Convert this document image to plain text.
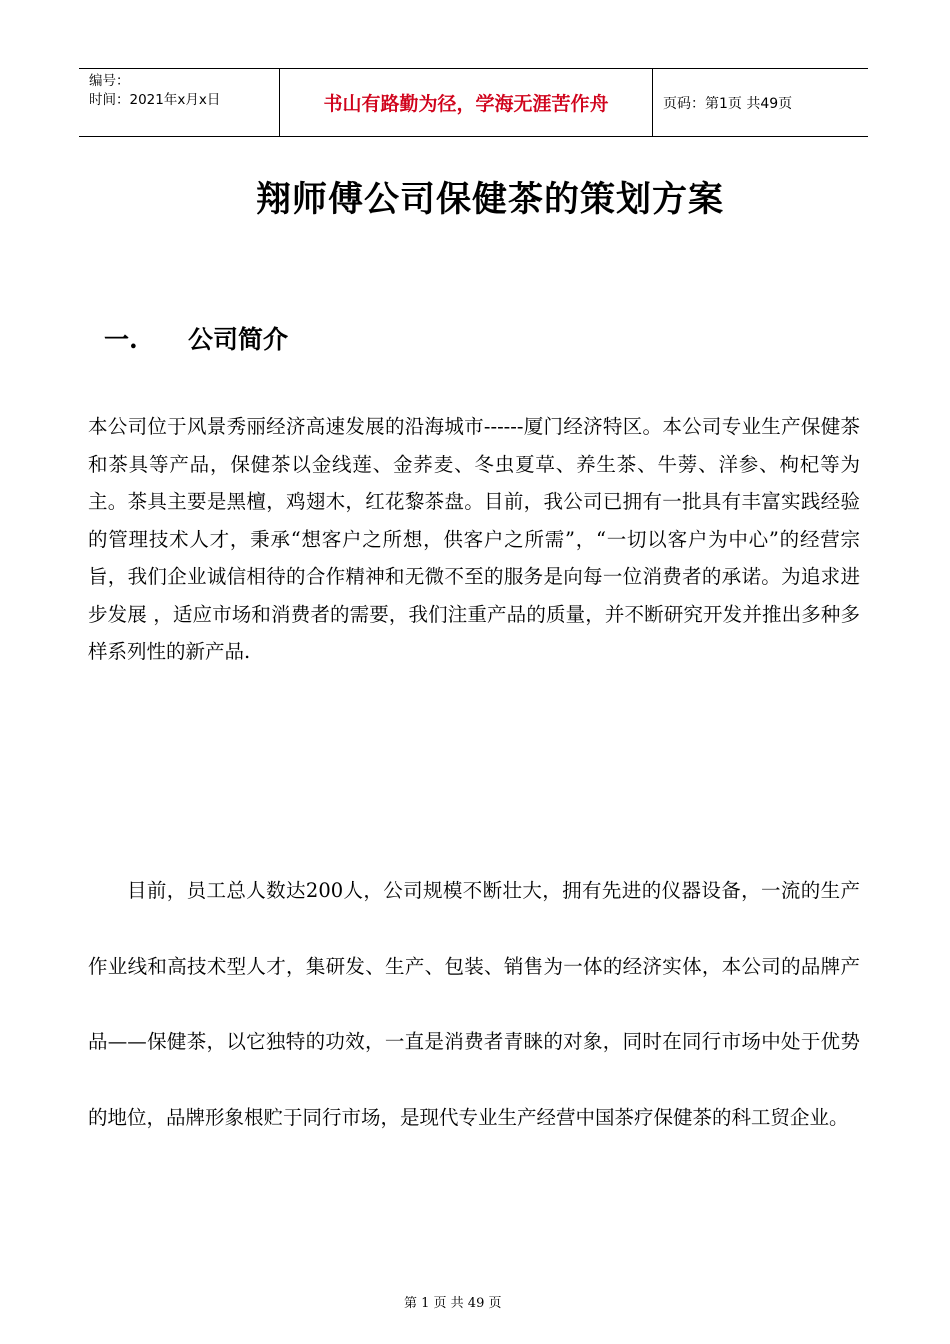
编号：
时间：2021年x月x日	书山有路勤为径，学海无涯苦作舟	页码：第1页 共49页
翔师傅公司保健茶的策划方案
一.	公司简介

本公司位于风景秀丽经济高速发展的沿海城市------厦门经济特区。本公司专业生产保健茶和茶具等产品，保健茶以金线莲、金荞麦、冬虫夏草、养生茶、牛蒡、洋参、枸杞等为主。茶具主要是黑檀，鸡翅木，红花黎茶盘。目前，我公司已拥有一批具有丰富实践经验的管理技术人才，秉承“想客户之所想，供客户之所需”，“一切以客户为中心”的经营宗旨，我们企业诚信相待的合作精神和无微不至的服务是向每一位消费者的承诺。为追求进步发展 ，适应市场和消费者的需要，我们注重产品的质量，并不断研究开发并推出多种多样系列性的新产品.

目前，员工总人数达200人，公司规模不断壮大，拥有先进的仪器设备，一流的生产作业线和高技术型人才，集研发、生产、包装、销售为一体的经济实体，本公司的品牌产品——保健茶，以它独特的功效，一直是消费者青睐的对象，同时在同行市场中处于优势的地位，品牌形象根贮于同行市场，是现代专业生产经营中国茶疗保健茶的科工贸企业。

第 1 页 共 49 页
